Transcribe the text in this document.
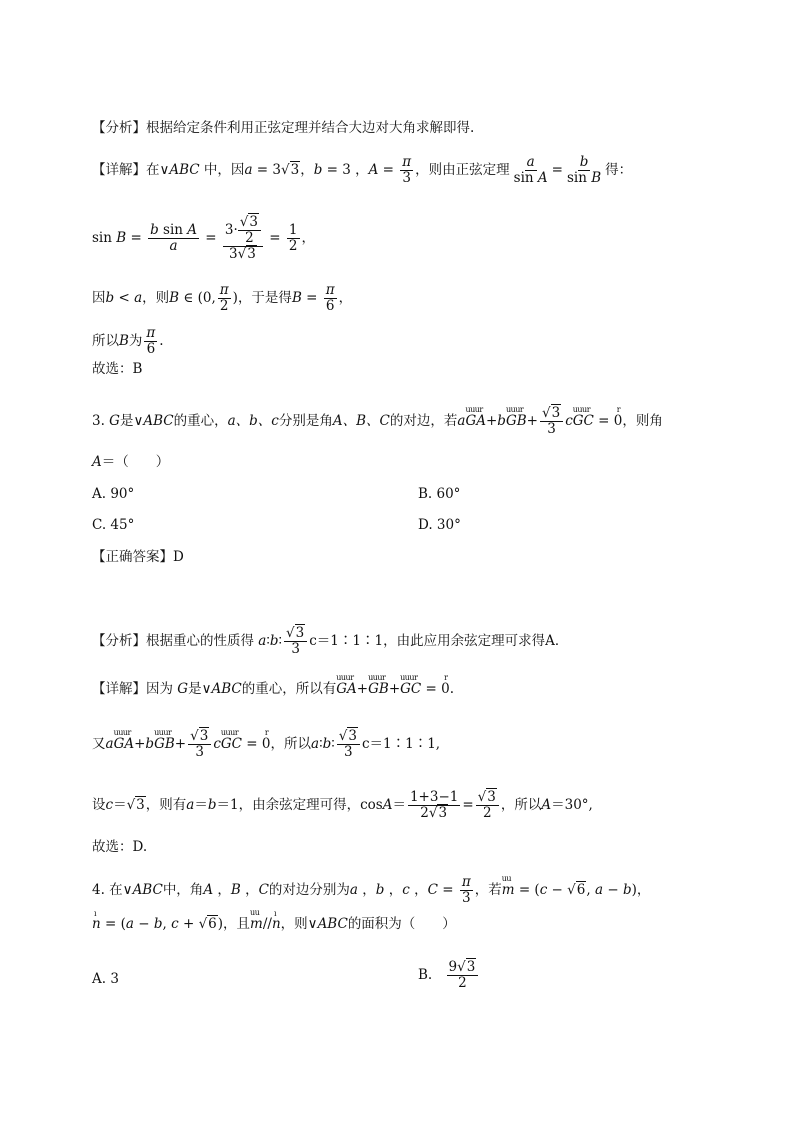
【分析】根据给定条件利用正弦定理并结合大边对大角求解即得.
【详解】在∨ABC 中，因a = 3√3，b = 3 ，$A = \frac{\pi}{3}$ ，则由正弦定理 $\frac{a}{\text{sin A}} = \frac{b}{\text{sin B}}$ 得：
$\sin B = \frac{\text{b sin A}}{a} = \frac{3\cdot \frac{√3}{2}}{3√3} = \frac{1}{2}$ ，
因b < a，则B ∈ (0, $\frac{\pi}{2}$ )，于是得$B = \frac{\pi}{6}$ ，
所以B为 $\frac{\pi}{6}$ .
故选：B
3. G是∨ABC的重心，a、b、c分别是角A、B、C的对边，若auuur GA+buuur $GB+ \frac{√3}{3}$ cuuur GC = r 0，则角
A＝（　　）
A. 90°	B. 60°
C. 45°	D. 30°
【正确答案】D
【分析】根据重心的性质得 a∶b∶ $\frac{√3}{3}$ c＝1∶1∶1，由此应用余弦定理可求得A．
【详解】因为 G是∨ABC的重心，所以有uuur GA+uuur GB+uuur GC = r 0.
又auuur GA+buuur $GB+ \frac{√3}{3}$ cuuur GC = r 0，所以a∶b∶ $\frac{√3}{3}$ c＝1∶1∶1,
设c＝√3，则有a＝b＝1，由余弦定理可得，$\cos A= \frac{1+3-1}{2√3} = \frac{√3}{2}$ ，所以A＝30°,
故选：D.
4. 在∨ABC中，角A ，B ，C的对边分别为a ，b ，c ，$C = \frac{\pi}{3}$ ，若uu m = (c − √6, a − b)，
ı n = (a − b, c + √6)，且uu m//ı n，则∨ABC的面积为（　　）
A. 3	B. $\frac{9√3}{2}$
